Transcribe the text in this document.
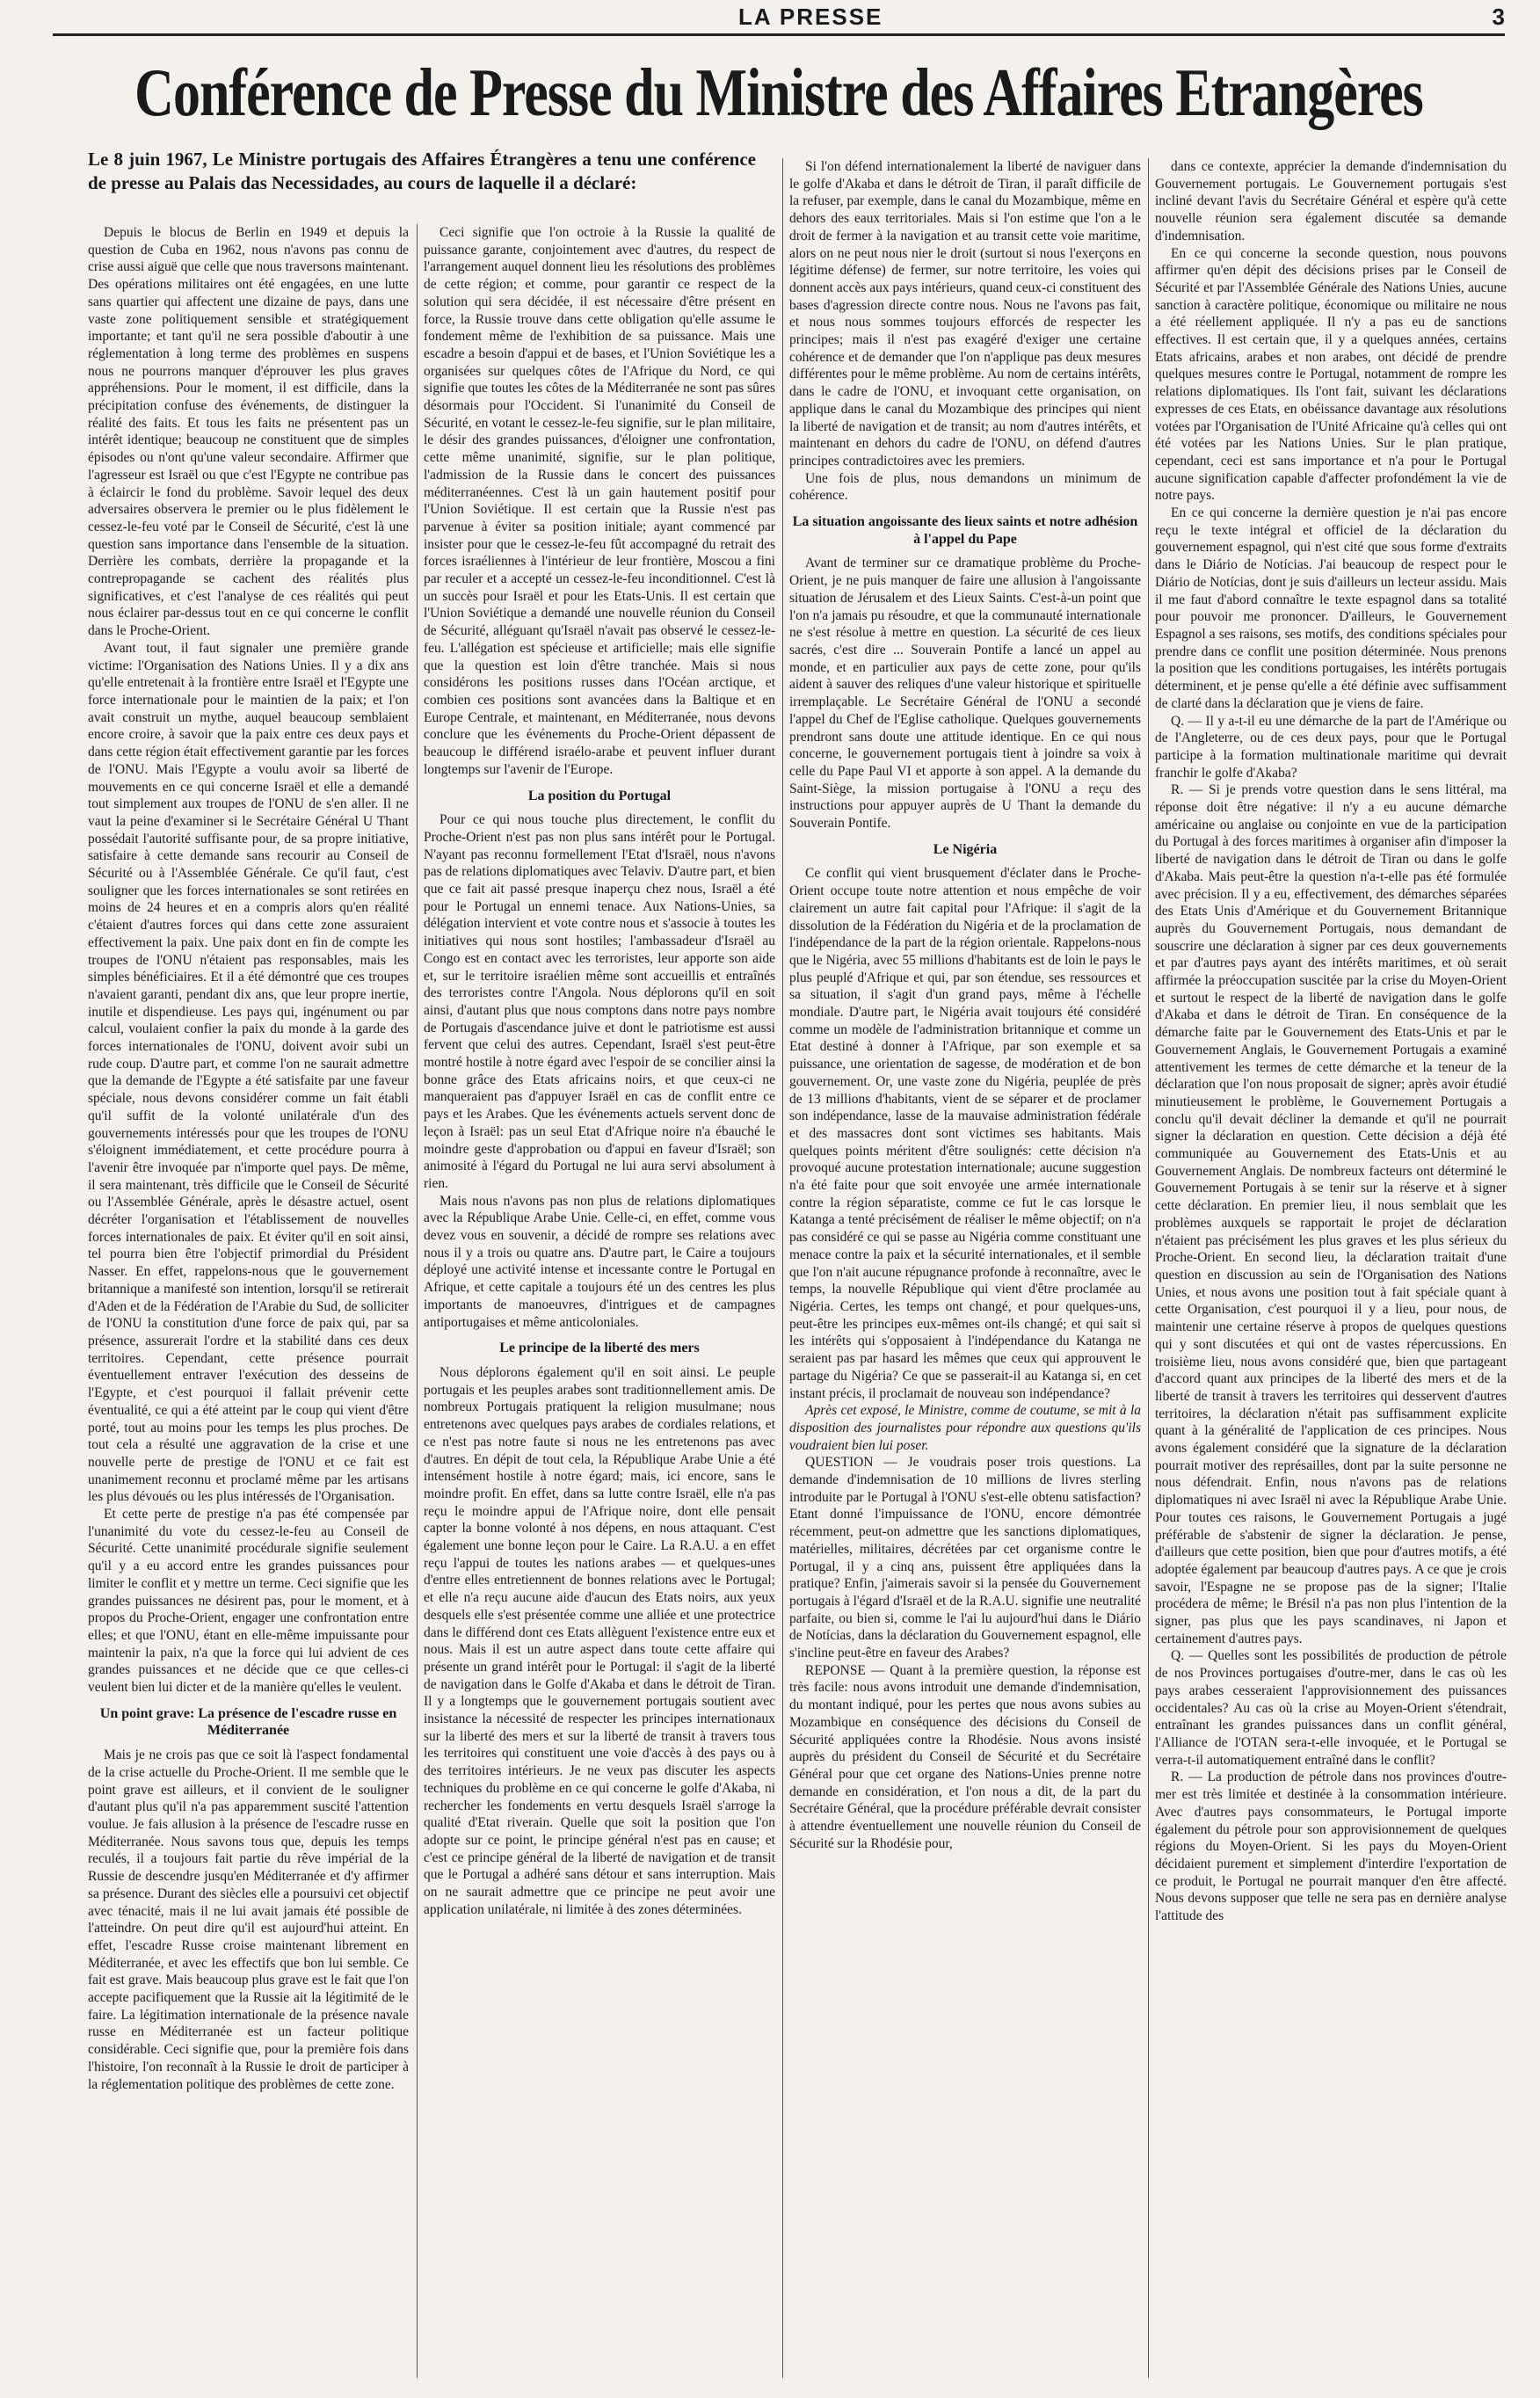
LA PRESSE	3
Conférence de Presse du Ministre des Affaires Etrangères
Le 8 juin 1967, Le Ministre portugais des Affaires Étrangères a tenu une conférence de presse au Palais das Necessidades, au cours de laquelle il a déclaré:

Depuis le blocus de Berlin en 1949 et depuis la question de Cuba en 1962, nous n'avons pas connu de crise aussi aiguë que celle que nous traversons maintenant. Des opérations militaires ont été engagées, en une lutte sans quartier qui affectent une dizaine de pays, dans une vaste zone politiquement sensible et stratégiquement importante; et tant qu'il ne sera possible d'aboutir à une réglementation à long terme des problèmes en suspens nous ne pourrons manquer d'éprouver les plus graves appréhensions. Pour le moment, il est difficile, dans la précipitation confuse des événements, de distinguer la réalité des faits. Et tous les faits ne présentent pas un intérêt identique; beaucoup ne constituent que de simples épisodes ou n'ont qu'une valeur secondaire. Affirmer que l'agresseur est Israël ou que c'est l'Egypte ne contribue pas à éclaircir le fond du problème. Savoir lequel des deux adversaires observera le premier ou le plus fidèlement le cessez-le-feu voté par le Conseil de Sécurité, c'est là une question sans importance dans l'ensemble de la situation. Derrière les combats, derrière la propagande et la contrepropagande se cachent des réalités plus significatives, et c'est l'analyse de ces réalités qui peut nous éclairer par-dessus tout en ce qui concerne le conflit dans le Proche-Orient.

Avant tout, il faut signaler une première grande victime: l'Organisation des Nations Unies. Il y a dix ans qu'elle entretenait à la frontière entre Israël et l'Egypte une force internationale pour le maintien de la paix; et l'on avait construit un mythe, auquel beaucoup semblaient encore croire, à savoir que la paix entre ces deux pays et dans cette région était effectivement garantie par les forces de l'ONU. Mais l'Egypte a voulu avoir sa liberté de mouvements en ce qui concerne Israël et elle a demandé tout simplement aux troupes de l'ONU de s'en aller. Il ne vaut la peine d'examiner si le Secrétaire Général U Thant possédait l'autorité suffisante pour, de sa propre initiative, satisfaire à cette demande sans recourir au Conseil de Sécurité ou à l'Assemblée Générale. Ce qu'il faut, c'est souligner que les forces internationales se sont retirées en moins de 24 heures et en a compris alors qu'en réalité c'étaient d'autres forces qui dans cette zone assuraient effectivement la paix. Une paix dont en fin de compte les troupes de l'ONU n'étaient pas responsables, mais les simples bénéficiaires. Et il a été démontré que ces troupes n'avaient garanti, pendant dix ans, que leur propre inertie, inutile et dispendieuse. Les pays qui, ingénument ou par calcul, voulaient confier la paix du monde à la garde des forces internationales de l'ONU, doivent avoir subi un rude coup. D'autre part, et comme l'on ne saurait admettre que la demande de l'Egypte a été satisfaite par une faveur spéciale, nous devons considérer comme un fait établi qu'il suffit de la volonté unilatérale d'un des gouvernements intéressés pour que les troupes de l'ONU s'éloignent immédiatement, et cette procédure pourra à l'avenir être invoquée par n'importe quel pays. De même, il sera maintenant, très difficile que le Conseil de Sécurité ou l'Assemblée Générale, après le désastre actuel, osent décréter l'organisation et l'établissement de nouvelles forces internationales de paix. Et éviter qu'il en soit ainsi, tel pourra bien être l'objectif primordial du Président Nasser. En effet, rappelons-nous que le gouvernement britannique a manifesté son intention, lorsqu'il se retirerait d'Aden et de la Fédération de l'Arabie du Sud, de solliciter de l'ONU la constitution d'une force de paix qui, par sa présence, assurerait l'ordre et la stabilité dans ces deux territoires. Cependant, cette présence pourrait éventuellement entraver l'exécution des desseins de l'Egypte, et c'est pourquoi il fallait prévenir cette éventualité, ce qui a été atteint par le coup qui vient d'être porté, tout au moins pour les temps les plus proches. De tout cela a résulté une aggravation de la crise et une nouvelle perte de prestige de l'ONU et ce fait est unanimement reconnu et proclamé même par les artisans les plus dévoués ou les plus intéressés de l'Organisation.

Et cette perte de prestige n'a pas été compensée par l'unanimité du vote du cessez-le-feu au Conseil de Sécurité. Cette unanimité procédurale signifie seulement qu'il y a eu accord entre les grandes puissances pour limiter le conflit et y mettre un terme. Ceci signifie que les grandes puissances ne désirent pas, pour le moment, et à propos du Proche-Orient, engager une confrontation entre elles; et que l'ONU, étant en elle-même impuissante pour maintenir la paix, n'a que la force qui lui advient de ces grandes puissances et ne décide que ce que celles-ci veulent bien lui dicter et de la manière qu'elles le veulent.

Un point grave: La présence de l'escadre russe en Méditerranée

Mais je ne crois pas que ce soit là l'aspect fondamental de la crise actuelle du Proche-Orient. Il me semble que le point grave est ailleurs, et il convient de le souligner d'autant plus qu'il n'a pas apparemment suscité l'attention voulue. Je fais allusion à la présence de l'escadre russe en Méditerranée. Nous savons tous que, depuis les temps reculés, il a toujours fait partie du rêve impérial de la Russie de descendre jusqu'en Méditerranée et d'y affirmer sa présence. Durant des siècles elle a poursuivi cet objectif avec ténacité, mais il ne lui avait jamais été possible de l'atteindre. On peut dire qu'il est aujourd'hui atteint. En effet, l'escadre Russe croise maintenant librement en Méditerranée, et avec les effectifs que bon lui semble. Ce fait est grave. Mais beaucoup plus grave est le fait que l'on accepte pacifiquement que la Russie ait la légitimité de le faire. La légitimation internationale de la présence navale russe en Méditerranée est un facteur politique considérable. Ceci signifie que, pour la première fois dans l'histoire, l'on reconnaît à la Russie le droit de participer à la réglementation politique des problèmes de cette zone.

Ceci signifie que l'on octroie à la Russie la qualité de puissance garante, conjointement avec d'autres, du respect de l'arrangement auquel donnent lieu les résolutions des problèmes de cette région; et comme, pour garantir ce respect de la solution qui sera décidée, il est nécessaire d'être présent en force, la Russie trouve dans cette obligation qu'elle assume le fondement même de l'exhibition de sa puissance. Mais une escadre a besoin d'appui et de bases, et l'Union Soviétique les a organisées sur quelques côtes de l'Afrique du Nord, ce qui signifie que toutes les côtes de la Méditerranée ne sont pas sûres désormais pour l'Occident. Si l'unanimité du Conseil de Sécurité, en votant le cessez-le-feu signifie, sur le plan militaire, le désir des grandes puissances, d'éloigner une confrontation, cette même unanimité, signifie, sur le plan politique, l'admission de la Russie dans le concert des puissances méditerranéennes. C'est là un gain hautement positif pour l'Union Soviétique. Il est certain que la Russie n'est pas parvenue à éviter sa position initiale; ayant commencé par insister pour que le cessez-le-feu fût accompagné du retrait des forces israéliennes à l'intérieur de leur frontière, Moscou a fini par reculer et a accepté un cessez-le-feu inconditionnel. C'est là un succès pour Israël et pour les Etats-Unis. Il est certain que l'Union Soviétique a demandé une nouvelle réunion du Conseil de Sécurité, alléguant qu'Israël n'avait pas observé le cessez-le-feu. L'allégation est spécieuse et artificielle; mais elle signifie que la question est loin d'être tranchée. Mais si nous considérons les positions russes dans l'Océan arctique, et combien ces positions sont avancées dans la Baltique et en Europe Centrale, et maintenant, en Méditerranée, nous devons conclure que les événements du Proche-Orient dépassent de beaucoup le différend israélo-arabe et peuvent influer durant longtemps sur l'avenir de l'Europe.

La position du Portugal

Pour ce qui nous touche plus directement, le conflit du Proche-Orient n'est pas non plus sans intérêt pour le Portugal. N'ayant pas reconnu formellement l'Etat d'Israël, nous n'avons pas de relations diplomatiques avec Telaviv. D'autre part, et bien que ce fait ait passé presque inaperçu chez nous, Israël a été pour le Portugal un ennemi tenace. Aux Nations-Unies, sa délégation intervient et vote contre nous et s'associe à toutes les initiatives qui nous sont hostiles; l'ambassadeur d'Israël au Congo est en contact avec les terroristes, leur apporte son aide et, sur le territoire israélien même sont accueillis et entraînés des terroristes contre l'Angola. Nous déplorons qu'il en soit ainsi, d'autant plus que nous comptons dans notre pays nombre de Portugais d'ascendance juive et dont le patriotisme est aussi fervent que celui des autres. Cependant, Israël s'est peut-être montré hostile à notre égard avec l'espoir de se concilier ainsi la bonne grâce des Etats africains noirs, et que ceux-ci ne manqueraient pas d'appuyer Israël en cas de conflit entre ce pays et les Arabes. Que les événements actuels servent donc de leçon à Israël: pas un seul Etat d'Afrique noire n'a ébauché le moindre geste d'approbation ou d'appui en faveur d'Israël; son animosité à l'égard du Portugal ne lui aura servi absolument à rien.

Mais nous n'avons pas non plus de relations diplomatiques avec la République Arabe Unie. Celle-ci, en effet, comme vous devez vous en souvenir, a décidé de rompre ses relations avec nous il y a trois ou quatre ans. D'autre part, le Caire a toujours déployé une activité intense et incessante contre le Portugal en Afrique, et cette capitale a toujours été un des centres les plus importants de manoeuvres, d'intrigues et de campagnes antiportugaises et même anticoloniales.

Le principe de la liberté des mers

Nous déplorons également qu'il en soit ainsi. Le peuple portugais et les peuples arabes sont traditionnellement amis. De nombreux Portugais pratiquent la religion musulmane; nous entretenons avec quelques pays arabes de cordiales relations, et ce n'est pas notre faute si nous ne les entretenons pas avec d'autres. En dépit de tout cela, la République Arabe Unie a été intensément hostile à notre égard; mais, ici encore, sans le moindre profit. En effet, dans sa lutte contre Israël, elle n'a pas reçu le moindre appui de l'Afrique noire, dont elle pensait capter la bonne volonté à nos dépens, en nous attaquant. C'est également une bonne leçon pour le Caire. La R.A.U. a en effet reçu l'appui de toutes les nations arabes — et quelques-unes d'entre elles entretiennent de bonnes relations avec le Portugal; et elle n'a reçu aucune aide d'aucun des Etats noirs, aux yeux desquels elle s'est présentée comme une alliée et une protectrice dans le différend dont ces Etats allèguent l'existence entre eux et nous. Mais il est un autre aspect dans toute cette affaire qui présente un grand intérêt pour le Portugal: il s'agit de la liberté de navigation dans le Golfe d'Akaba et dans le détroit de Tiran. Il y a longtemps que le gouvernement portugais soutient avec insistance la nécessité de respecter les principes internationaux sur la liberté des mers et sur la liberté de transit à travers tous les territoires qui constituent une voie d'accès à des pays ou à des territoires intérieurs. Je ne veux pas discuter les aspects techniques du problème en ce qui concerne le golfe d'Akaba, ni rechercher les fondements en vertu desquels Israël s'arroge la qualité d'Etat riverain. Quelle que soit la position que l'on adopte sur ce point, le principe général n'est pas en cause; et c'est ce principe général de la liberté de navigation et de transit que le Portugal a adhéré sans détour et sans interruption. Mais on ne saurait admettre que ce principe ne peut avoir une application unilatérale, ni limitée à des zones déterminées.

Si l'on défend internationalement la liberté de naviguer dans le golfe d'Akaba et dans le détroit de Tiran, il paraît difficile de la refuser, par exemple, dans le canal du Mozambique, même en dehors des eaux territoriales. Mais si l'on estime que l'on a le droit de fermer à la navigation et au transit cette voie maritime, alors on ne peut nous nier le droit (surtout si nous l'exerçons en légitime défense) de fermer, sur notre territoire, les voies qui donnent accès aux pays intérieurs, quand ceux-ci constituent des bases d'agression directe contre nous. Nous ne l'avons pas fait, et nous nous sommes toujours efforcés de respecter les principes; mais il n'est pas exagéré d'exiger une certaine cohérence et de demander que l'on n'applique pas deux mesures différentes pour le même problème. Au nom de certains intérêts, dans le cadre de l'ONU, et invoquant cette organisation, on applique dans le canal du Mozambique des principes qui nient la liberté de navigation et de transit; au nom d'autres intérêts, et maintenant en dehors du cadre de l'ONU, on défend d'autres principes contradictoires avec les premiers.

Une fois de plus, nous demandons un minimum de cohérence.

La situation angoissante des lieux saints et notre adhésion à l'appel du Pape

Avant de terminer sur ce dramatique problème du Proche-Orient, je ne puis manquer de faire une allusion à l'angoissante situation de Jérusalem et des Lieux Saints. C'est-à-un point que l'on n'a jamais pu résoudre, et que la communauté internationale ne s'est résolue à mettre en question. La sécurité de ces lieux sacrés, c'est dire ... Souverain Pontife a lancé un appel au monde, et en particulier aux pays de cette zone, pour qu'ils aident à sauver des reliques d'une valeur historique et spirituelle irremplaçable. Le Secrétaire Général de l'ONU a secondé l'appel du Chef de l'Eglise catholique. Quelques gouvernements prendront sans doute une attitude identique. En ce qui nous concerne, le gouvernement portugais tient à joindre sa voix à celle du Pape Paul VI et apporte à son appel. A la demande du Saint-Siège, la mission portugaise à l'ONU a reçu des instructions pour appuyer auprès de U Thant la demande du Souverain Pontife.

Le Nigéria

Ce conflit qui vient brusquement d'éclater dans le Proche-Orient occupe toute notre attention et nous empêche de voir clairement un autre fait capital pour l'Afrique: il s'agit de la dissolution de la Fédération du Nigéria et de la proclamation de l'indépendance de la part de la région orientale. Rappelons-nous que le Nigéria, avec 55 millions d'habitants est de loin le pays le plus peuplé d'Afrique et qui, par son étendue, ses ressources et sa situation, il s'agit d'un grand pays, même à l'échelle mondiale. D'autre part, le Nigéria avait toujours été considéré comme un modèle de l'administration britannique et comme un Etat destiné à donner à l'Afrique, par son exemple et sa puissance, une orientation de sagesse, de modération et de bon gouvernement. Or, une vaste zone du Nigéria, peuplée de près de 13 millions d'habitants, vient de se séparer et de proclamer son indépendance, lasse de la mauvaise administration fédérale et des massacres dont sont victimes ses habitants. Mais quelques points méritent d'être soulignés: cette décision n'a provoqué aucune protestation internationale; aucune suggestion n'a été faite pour que soit envoyée une armée internationale contre la région séparatiste, comme ce fut le cas lorsque le Katanga a tenté précisément de réaliser le même objectif; on n'a pas considéré ce qui se passe au Nigéria comme constituant une menace contre la paix et la sécurité internationales, et il semble que l'on n'ait aucune répugnance profonde à reconnaître, avec le temps, la nouvelle République qui vient d'être proclamée au Nigéria. Certes, les temps ont changé, et pour quelques-uns, peut-être les principes eux-mêmes ont-ils changé; et qui sait si les intérêts qui s'opposaient à l'indépendance du Katanga ne seraient pas par hasard les mêmes que ceux qui approuvent le partage du Nigéria? Ce que se passerait-il au Katanga si, en cet instant précis, il proclamait de nouveau son indépendance?

Après cet exposé, le Ministre, comme de coutume, se mit à la disposition des journalistes pour répondre aux questions qu'ils voudraient bien lui poser.

QUESTION — Je voudrais poser trois questions. La demande d'indemnisation de 10 millions de livres sterling introduite par le Portugal à l'ONU s'est-elle obtenu satisfaction? Etant donné l'impuissance de l'ONU, encore démontrée récemment, peut-on admettre que les sanctions diplomatiques, matérielles, militaires, décrétées par cet organisme contre le Portugal, il y a cinq ans, puissent être appliquées dans la pratique? Enfin, j'aimerais savoir si la pensée du Gouvernement portugais à l'égard d'Israël et de la R.A.U. signifie une neutralité parfaite, ou bien si, comme le l'ai lu aujourd'hui dans le Diário de Notícias, dans la déclaration du Gouvernement espagnol, elle s'incline peut-être en faveur des Arabes?

REPONSE — Quant à la première question, la réponse est très facile: nous avons introduit une demande d'indemnisation, du montant indiqué, pour les pertes que nous avons subies au Mozambique en conséquence des décisions du Conseil de Sécurité appliquées contre la Rhodésie. Nous avons insisté auprès du président du Conseil de Sécurité et du Secrétaire Général pour que cet organe des Nations-Unies prenne notre demande en considération, et l'on nous a dit, de la part du Secrétaire Général, que la procédure préférable devrait consister à attendre éventuellement une nouvelle réunion du Conseil de Sécurité sur la Rhodésie pour,

dans ce contexte, apprécier la demande d'indemnisation du Gouvernement portugais. Le Gouvernement portugais s'est incliné devant l'avis du Secrétaire Général et espère qu'à cette nouvelle réunion sera également discutée sa demande d'indemnisation.

En ce qui concerne la seconde question, nous pouvons affirmer qu'en dépit des décisions prises par le Conseil de Sécurité et par l'Assemblée Générale des Nations Unies, aucune sanction à caractère politique, économique ou militaire ne nous a été réellement appliquée. Il n'y a pas eu de sanctions effectives. Il est certain que, il y a quelques années, certains Etats africains, arabes et non arabes, ont décidé de prendre quelques mesures contre le Portugal, notamment de rompre les relations diplomatiques. Ils l'ont fait, suivant les déclarations expresses de ces Etats, en obéissance davantage aux résolutions votées par l'Organisation de l'Unité Africaine qu'à celles qui ont été votées par les Nations Unies. Sur le plan pratique, cependant, ceci est sans importance et n'a pour le Portugal aucune signification capable d'affecter profondément la vie de notre pays.

En ce qui concerne la dernière question je n'ai pas encore reçu le texte intégral et officiel de la déclaration du gouvernement espagnol, qui n'est cité que sous forme d'extraits dans le Diário de Notícias. J'ai beaucoup de respect pour le Diário de Notícias, dont je suis d'ailleurs un lecteur assidu. Mais il me faut d'abord connaître le texte espagnol dans sa totalité pour pouvoir me prononcer. D'ailleurs, le Gouvernement Espagnol a ses raisons, ses motifs, des conditions spéciales pour prendre dans ce conflit une position déterminée. Nous prenons la position que les conditions portugaises, les intérêts portugais déterminent, et je pense qu'elle a été définie avec suffisamment de clarté dans la déclaration que je viens de faire.

Q. — Il y a-t-il eu une démarche de la part de l'Amérique ou de l'Angleterre, ou de ces deux pays, pour que le Portugal participe à la formation multinationale maritime qui devrait franchir le golfe d'Akaba?

R. — Si je prends votre question dans le sens littéral, ma réponse doit être négative: il n'y a eu aucune démarche américaine ou anglaise ou conjointe en vue de la participation du Portugal à des forces maritimes à organiser afin d'imposer la liberté de navigation dans le détroit de Tiran ou dans le golfe d'Akaba. Mais peut-être la question n'a-t-elle pas été formulée avec précision. Il y a eu, effectivement, des démarches séparées des Etats Unis d'Amérique et du Gouvernement Britannique auprès du Gouvernement Portugais, nous demandant de souscrire une déclaration à signer par ces deux gouvernements et par d'autres pays ayant des intérêts maritimes, et où serait affirmée la préoccupation suscitée par la crise du Moyen-Orient et surtout le respect de la liberté de navigation dans le golfe d'Akaba et dans le détroit de Tiran. En conséquence de la démarche faite par le Gouvernement des Etats-Unis et par le Gouvernement Anglais, le Gouvernement Portugais a examiné attentivement les termes de cette démarche et la teneur de la déclaration que l'on nous proposait de signer; après avoir étudié minutieusement le problème, le Gouvernement Portugais a conclu qu'il devait décliner la demande et qu'il ne pourrait signer la déclaration en question. Cette décision a déjà été communiquée au Gouvernement des Etats-Unis et au Gouvernement Anglais. De nombreux facteurs ont déterminé le Gouvernement Portugais à se tenir sur la réserve et à signer cette déclaration. En premier lieu, il nous semblait que les problèmes auxquels se rapportait le projet de déclaration n'étaient pas précisément les plus graves et les plus sérieux du Proche-Orient. En second lieu, la déclaration traitait d'une question en discussion au sein de l'Organisation des Nations Unies, et nous avons une position tout à fait spéciale quant à cette Organisation, c'est pourquoi il y a lieu, pour nous, de maintenir une certaine réserve à propos de quelques questions qui y sont discutées et qui ont de vastes répercussions. En troisième lieu, nous avons considéré que, bien que partageant d'accord quant aux principes de la liberté des mers et de la liberté de transit à travers les territoires qui desservent d'autres territoires, la déclaration n'était pas suffisamment explicite quant à la généralité de l'application de ces principes. Nous avons également considéré que la signature de la déclaration pourrait motiver des représailles, dont par la suite personne ne nous défendrait. Enfin, nous n'avons pas de relations diplomatiques ni avec Israël ni avec la République Arabe Unie. Pour toutes ces raisons, le Gouvernement Portugais a jugé préférable de s'abstenir de signer la déclaration. Je pense, d'ailleurs que cette position, bien que pour d'autres motifs, a été adoptée également par beaucoup d'autres pays. A ce que je crois savoir, l'Espagne ne se propose pas de la signer; l'Italie procédera de même; le Brésil n'a pas non plus l'intention de la signer, pas plus que les pays scandinaves, ni Japon et certainement d'autres pays.

Q. — Quelles sont les possibilités de production de pétrole de nos Provinces portugaises d'outre-mer, dans le cas où les pays arabes cesseraient l'approvisionnement des puissances occidentales? Au cas où la crise au Moyen-Orient s'étendrait, entraînant les grandes puissances dans un conflit général, l'Alliance de l'OTAN sera-t-elle invoquée, et le Portugal se verra-t-il automatiquement entraîné dans le conflit?

R. — La production de pétrole dans nos provinces d'outre-mer est très limitée et destinée à la consommation intérieure. Avec d'autres pays consommateurs, le Portugal importe également du pétrole pour son approvisionnement de quelques régions du Moyen-Orient. Si les pays du Moyen-Orient décidaient purement et simplement d'interdire l'exportation de ce produit, le Portugal ne pourrait manquer d'en être affecté. Nous devons supposer que telle ne sera pas en dernière analyse l'attitude des
